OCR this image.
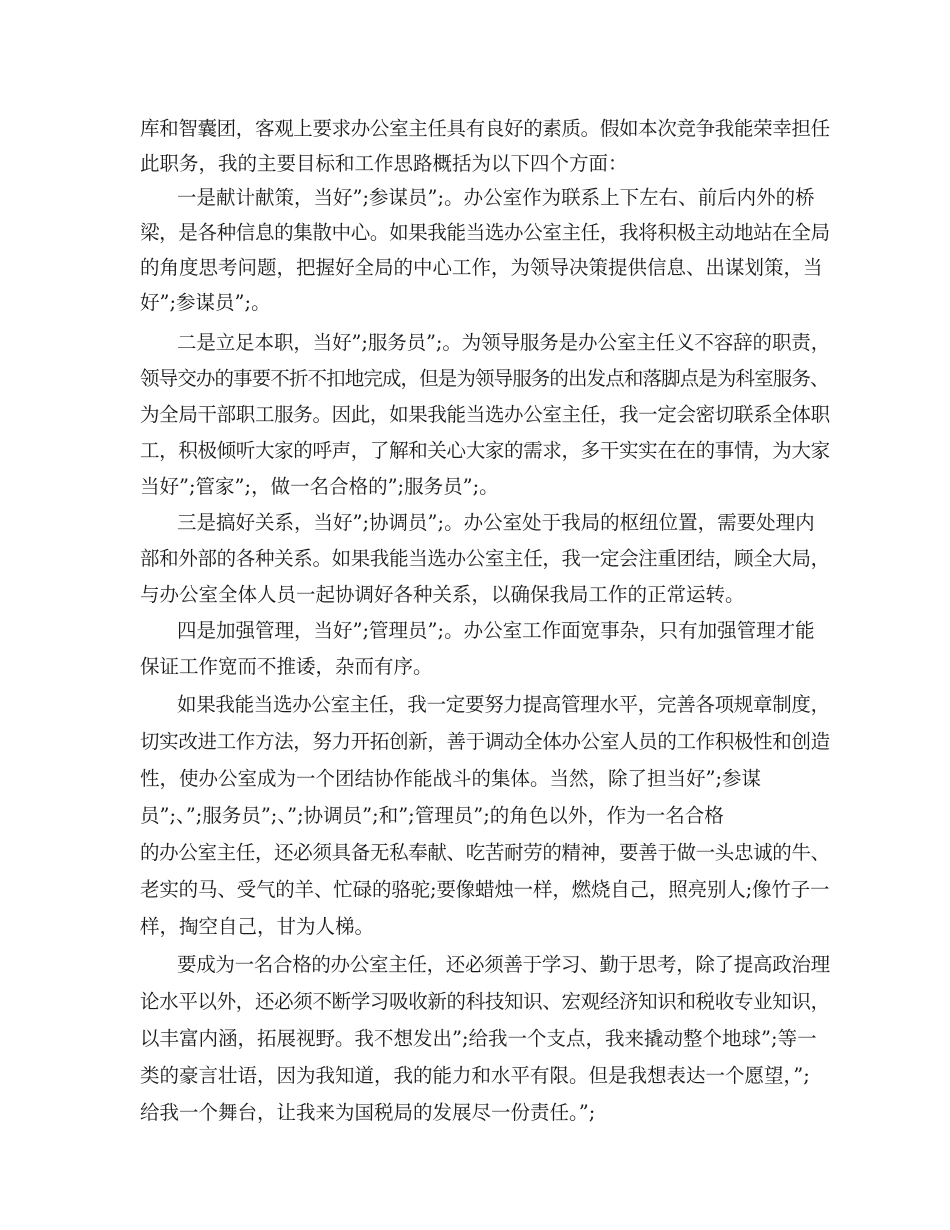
库和智囊团，客观上要求办公室主任具有良好的素质。假如本次竞争我能荣幸担任
此职务，我的主要目标和工作思路概括为以下四个方面：
一是献计献策，当好”;参谋员”;。办公室作为联系上下左右、前后内外的桥
梁，是各种信息的集散中心。如果我能当选办公室主任，我将积极主动地站在全局
的角度思考问题，把握好全局的中心工作，为领导决策提供信息、出谋划策，当
好”;参谋员”;。
二是立足本职，当好”;服务员”;。为领导服务是办公室主任义不容辞的职责，
领导交办的事要不折不扣地完成，但是为领导服务的出发点和落脚点是为科室服务、
为全局干部职工服务。因此，如果我能当选办公室主任，我一定会密切联系全体职
工，积极倾听大家的呼声，了解和关心大家的需求，多干实实在在的事情，为大家
当好”;管家”;，做一名合格的”;服务员”;。
三是搞好关系，当好”;协调员”;。办公室处于我局的枢纽位置，需要处理内
部和外部的各种关系。如果我能当选办公室主任，我一定会注重团结，顾全大局，
与办公室全体人员一起协调好各种关系，以确保我局工作的正常运转。
四是加强管理，当好”;管理员”;。办公室工作面宽事杂，只有加强管理才能
保证工作宽而不推诿，杂而有序。
如果我能当选办公室主任，我一定要努力提高管理水平，完善各项规章制度，
切实改进工作方法，努力开拓创新，善于调动全体办公室人员的工作积极性和创造
性，使办公室成为一个团结协作能战斗的集体。当然，除了担当好”;参谋
员”;、”;服务员”;、”;协调员”;和”;管理员”;的角色以外，作为一名合格
的办公室主任，还必须具备无私奉献、吃苦耐劳的精神，要善于做一头忠诚的牛、
老实的马、受气的羊、忙碌的骆驼;要像蜡烛一样，燃烧自己，照亮别人;像竹子一
样，掏空自己，甘为人梯。
要成为一名合格的办公室主任，还必须善于学习、勤于思考，除了提高政治理
论水平以外，还必须不断学习吸收新的科技知识、宏观经济知识和税收专业知识，
以丰富内涵，拓展视野。我不想发出”;给我一个支点，我来撬动整个地球”;等一
类的豪言壮语，因为我知道，我的能力和水平有限。但是我想表达一个愿望，”;
给我一个舞台，让我来为国税局的发展尽一份责任。”;
